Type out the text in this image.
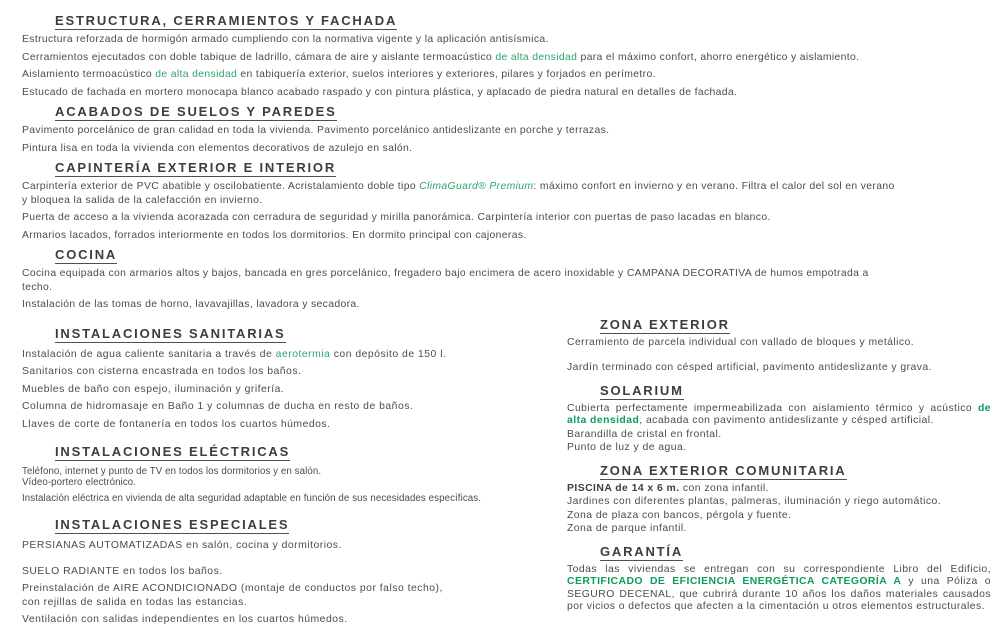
ESTRUCTURA, CERRAMIENTOS Y FACHADA

Estructura reforzada de hormigón armado cumpliendo con la normativa vigente y la aplicación antisísmica.

Cerramientos ejecutados con doble tabique de ladrillo, cámara de aire y aislante termoacústico de alta densidad para el máximo confort, ahorro energético y aislamiento.

Aislamiento termoacústico de alta densidad en tabiquería exterior, suelos interiores y exteriores, pilares y forjados en perímetro.

Estucado de fachada en mortero monocapa blanco acabado raspado y con pintura plástica, y aplacado de piedra natural en detalles de fachada.

ACABADOS DE SUELOS Y PAREDES

Pavimento porcelánico de gran calidad en toda la vivienda. Pavimento porcelánico antideslizante en porche y terrazas.

Pintura lisa en toda la vivienda con elementos decorativos de azulejo en salón.

CAPINTERÍA EXTERIOR E INTERIOR

Carpintería exterior de PVC abatible y oscilobatiente. Acristalamiento doble tipo ClimaGuard® Premium: máximo confort en invierno y en verano. Filtra el calor del sol en verano
y bloquea la salida de la calefacción en invierno.

Puerta de acceso a la vivienda acorazada con cerradura de seguridad y mirilla panorámica. Carpintería interior con puertas de paso lacadas en blanco.

Armarios lacados, forrados interiormente en todos los dormitorios. En dormito principal con cajoneras.

COCINA

Cocina equipada con armarios altos y bajos, bancada en gres porcelánico, fregadero bajo encimera de acero inoxidable y CAMPANA DECORATIVA de humos empotrada a
techo.

Instalación de las tomas de horno, lavavajillas, lavadora y secadora.

INSTALACIONES SANITARIAS

Instalación de agua caliente sanitaria a través de aerotermia con depósito de 150 l.

Sanitarios con cisterna encastrada en todos los baños.

Muebles de baño con espejo, iluminación y grifería.

Columna de hidromasaje en Baño 1 y columnas de ducha en resto de baños.

Llaves de corte de fontanería en todos los cuartos húmedos.

INSTALACIONES ELÉCTRICAS

Teléfono, internet y punto de TV en todos los dormitorios y en salón.

Vídeo-portero electrónico.

Instalación eléctrica en vivienda de alta seguridad adaptable en función de sus necesidades específicas.

INSTALACIONES ESPECIALES

PERSIANAS AUTOMATIZADAS en salón, cocina y dormitorios.

SUELO RADIANTE en todos los baños.

Preinstalación de AIRE ACONDICIONADO (montaje de conductos por falso techo),

con rejillas de salida en todas las estancias.

Ventilación con salidas independientes en los cuartos húmedos.

ZONA EXTERIOR

Cerramiento de parcela individual con vallado de bloques y metálico.

Jardín terminado con césped artificial, pavimento antideslizante y grava.

SOLARIUM

Cubierta perfectamente impermeabilizada con aislamiento térmico y acústico de alta densidad, acabada con pavimento antideslizante y césped artificial.

Barandilla de cristal en frontal.

Punto de luz y de agua.

ZONA EXTERIOR COMUNITARIA

PISCINA de 14 x 6 m. con zona infantil.

Jardines con diferentes plantas, palmeras, iluminación y riego automático.

Zona de plaza con bancos, pérgola y fuente.

Zona de parque infantil.

GARANTÍA

Todas las viviendas se entregan con su correspondiente Libro del Edificio, CERTIFICADO DE EFICIENCIA ENERGÉTICA CATEGORÍA A y una Póliza o SEGURO DECENAL, que cubrirá durante 10 años los daños materiales causados por vicios o defectos que afecten a la cimentación u otros elementos estructurales.
